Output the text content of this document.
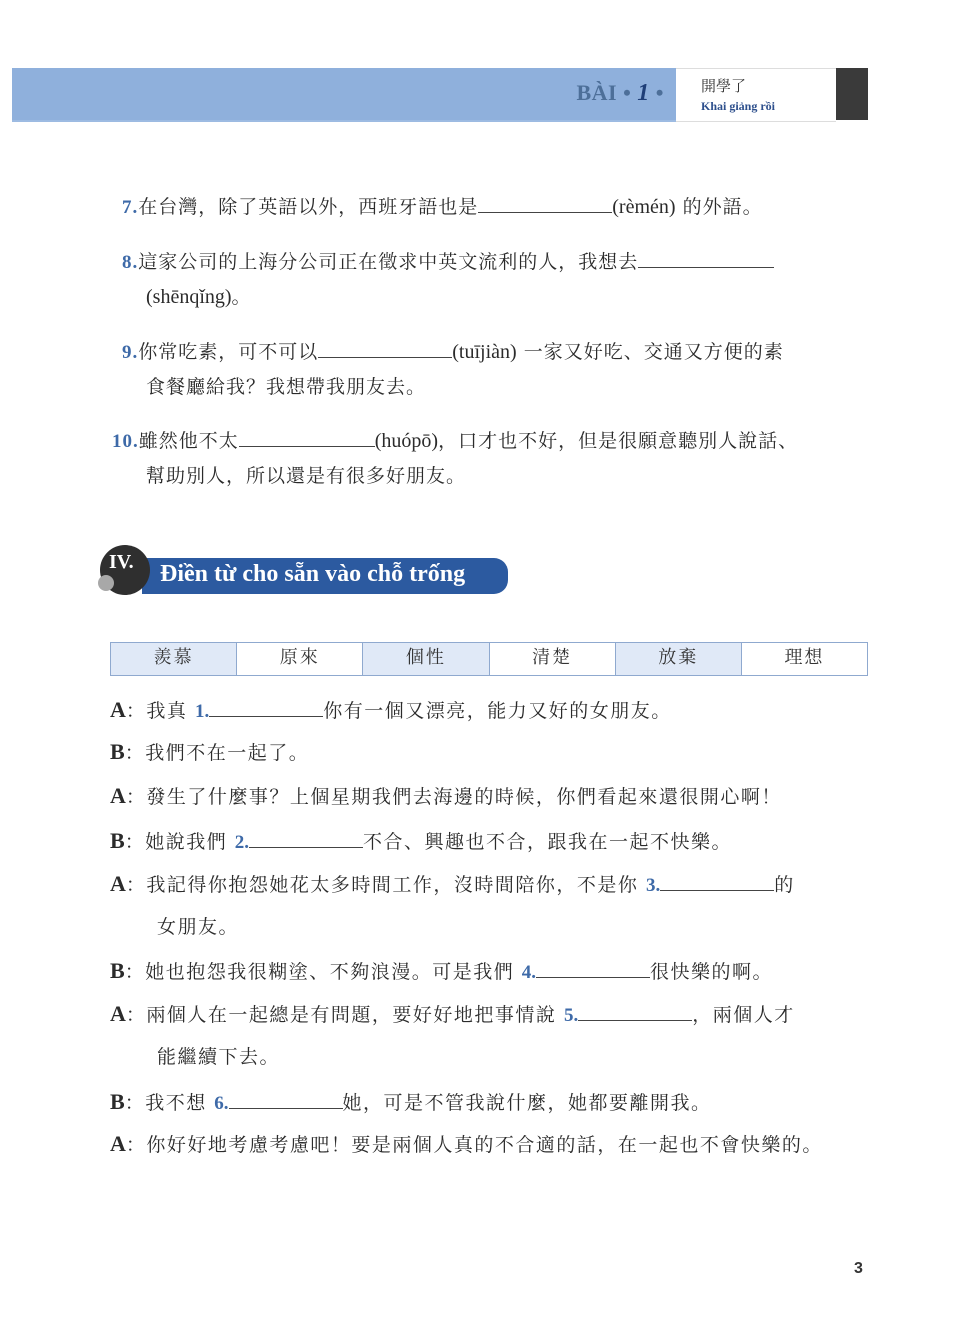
BÀI • 1 • 開學了
Khai giảng rồi
7.在台灣，除了英語以外，西班牙語也是	(rèmén) 的外語。
8.這家公司的上海分公司正在徵求中英文流利的人，我想去
(shēnqǐng)。
9.你常吃素，可不可以	(tuījiàn) 一家又好吃、交通又方便的素
食餐廳給我？我想帶我朋友去。
10.雖然他不太	(huópō)，口才也不好，但是很願意聽別人說話、
幫助別人，所以還是有很多好朋友。
IV. Điền từ cho sẵn vào chỗ trống
羨慕	原來	個性	清楚	放棄	理想
A：我真 1.	你有一個又漂亮，能力又好的女朋友。
B：我們不在一起了。
A：發生了什麼事？上個星期我們去海邊的時候，你們看起來還很開心啊！
B：她說我們 2.	不合、興趣也不合，跟我在一起不快樂。
A：我記得你抱怨她花太多時間工作，沒時間陪你，不是你 3.	的
女朋友。
B：她也抱怨我很糊塗、不夠浪漫。可是我們 4.	很快樂的啊。
A：兩個人在一起總是有問題，要好好地把事情說 5.	，兩個人才
能繼續下去。
B：我不想 6.	她，可是不管我說什麼，她都要離開我。
A：你好好地考慮考慮吧！要是兩個人真的不合適的話，在一起也不會快樂的。
3
